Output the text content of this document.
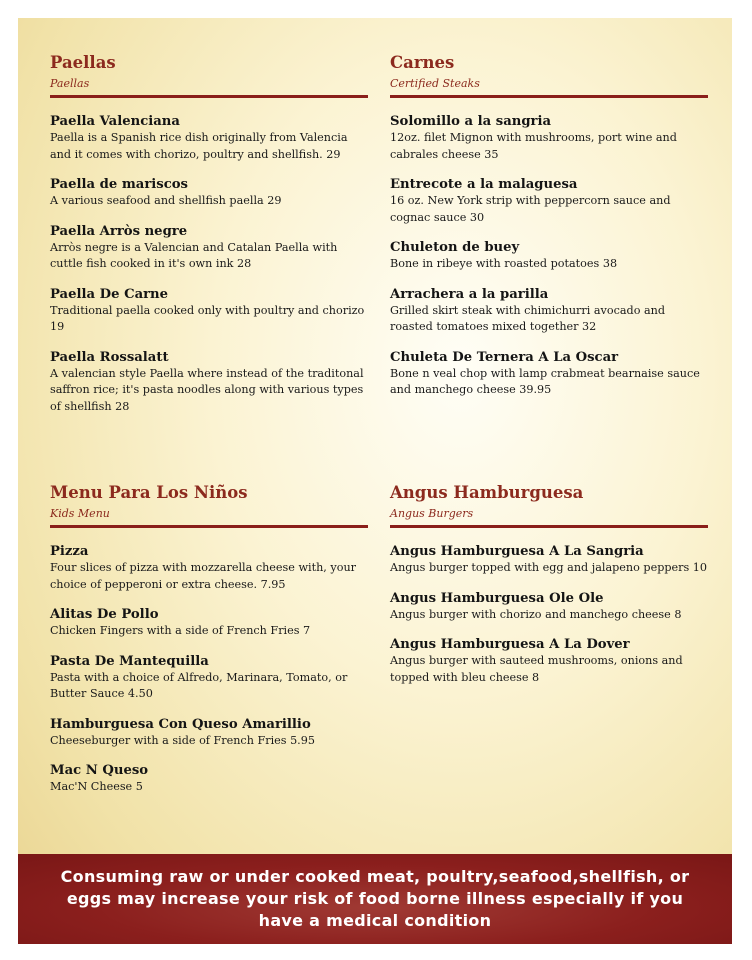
Paellas
Paellas
Paella Valenciana
Paella is a Spanish rice dish originally from Valencia and it comes with chorizo, poultry and shellfish. 29
Paella de mariscos
A various seafood and shellfish paella 29
Paella Arròs negre
Arròs negre is a Valencian and Catalan Paella with cuttle fish cooked in it's own ink 28
Paella De Carne
Traditional paella cooked only with poultry and chorizo 19
Paella Rossalatt
A valencian style Paella where instead of the traditonal saffron rice; it's pasta noodles along with various types of shellfish 28
Carnes
Certified Steaks
Solomillo a la sangria
12oz. filet Mignon with mushrooms, port wine and cabrales cheese 35
Entrecote a la malaguesa
16 oz. New York strip with peppercorn sauce and cognac sauce 30
Chuleton de buey
Bone in ribeye with roasted potatoes 38
Arrachera a la parilla
Grilled skirt steak with chimichurri avocado and roasted tomatoes mixed together 32
Chuleta De Ternera A La Oscar
Bone n veal chop with lamp crabmeat bearnaise sauce and manchego cheese 39.95
Menu Para Los Niños
Kids Menu
Pizza
Four slices of pizza with mozzarella cheese with, your choice of pepperoni or extra cheese. 7.95
Alitas De Pollo
Chicken Fingers with a side of French Fries 7
Pasta De Mantequilla
Pasta with a choice of Alfredo, Marinara, Tomato, or Butter Sauce 4.50
Hamburguesa Con Queso Amarillio
Cheeseburger with a side of French Fries 5.95
Mac N Queso
Mac'N Cheese 5
Angus Hamburguesa
Angus Burgers
Angus Hamburguesa A La Sangria
Angus burger topped with egg and jalapeno peppers 10
Angus Hamburguesa Ole Ole
Angus burger with chorizo and manchego cheese 8
Angus Hamburguesa A La Dover
Angus burger with sauteed mushrooms, onions and topped with bleu cheese 8
Consuming raw or under cooked meat, poultry,seafood,shellfish, or eggs may increase your risk of food borne illness especially if you have a medical condition
